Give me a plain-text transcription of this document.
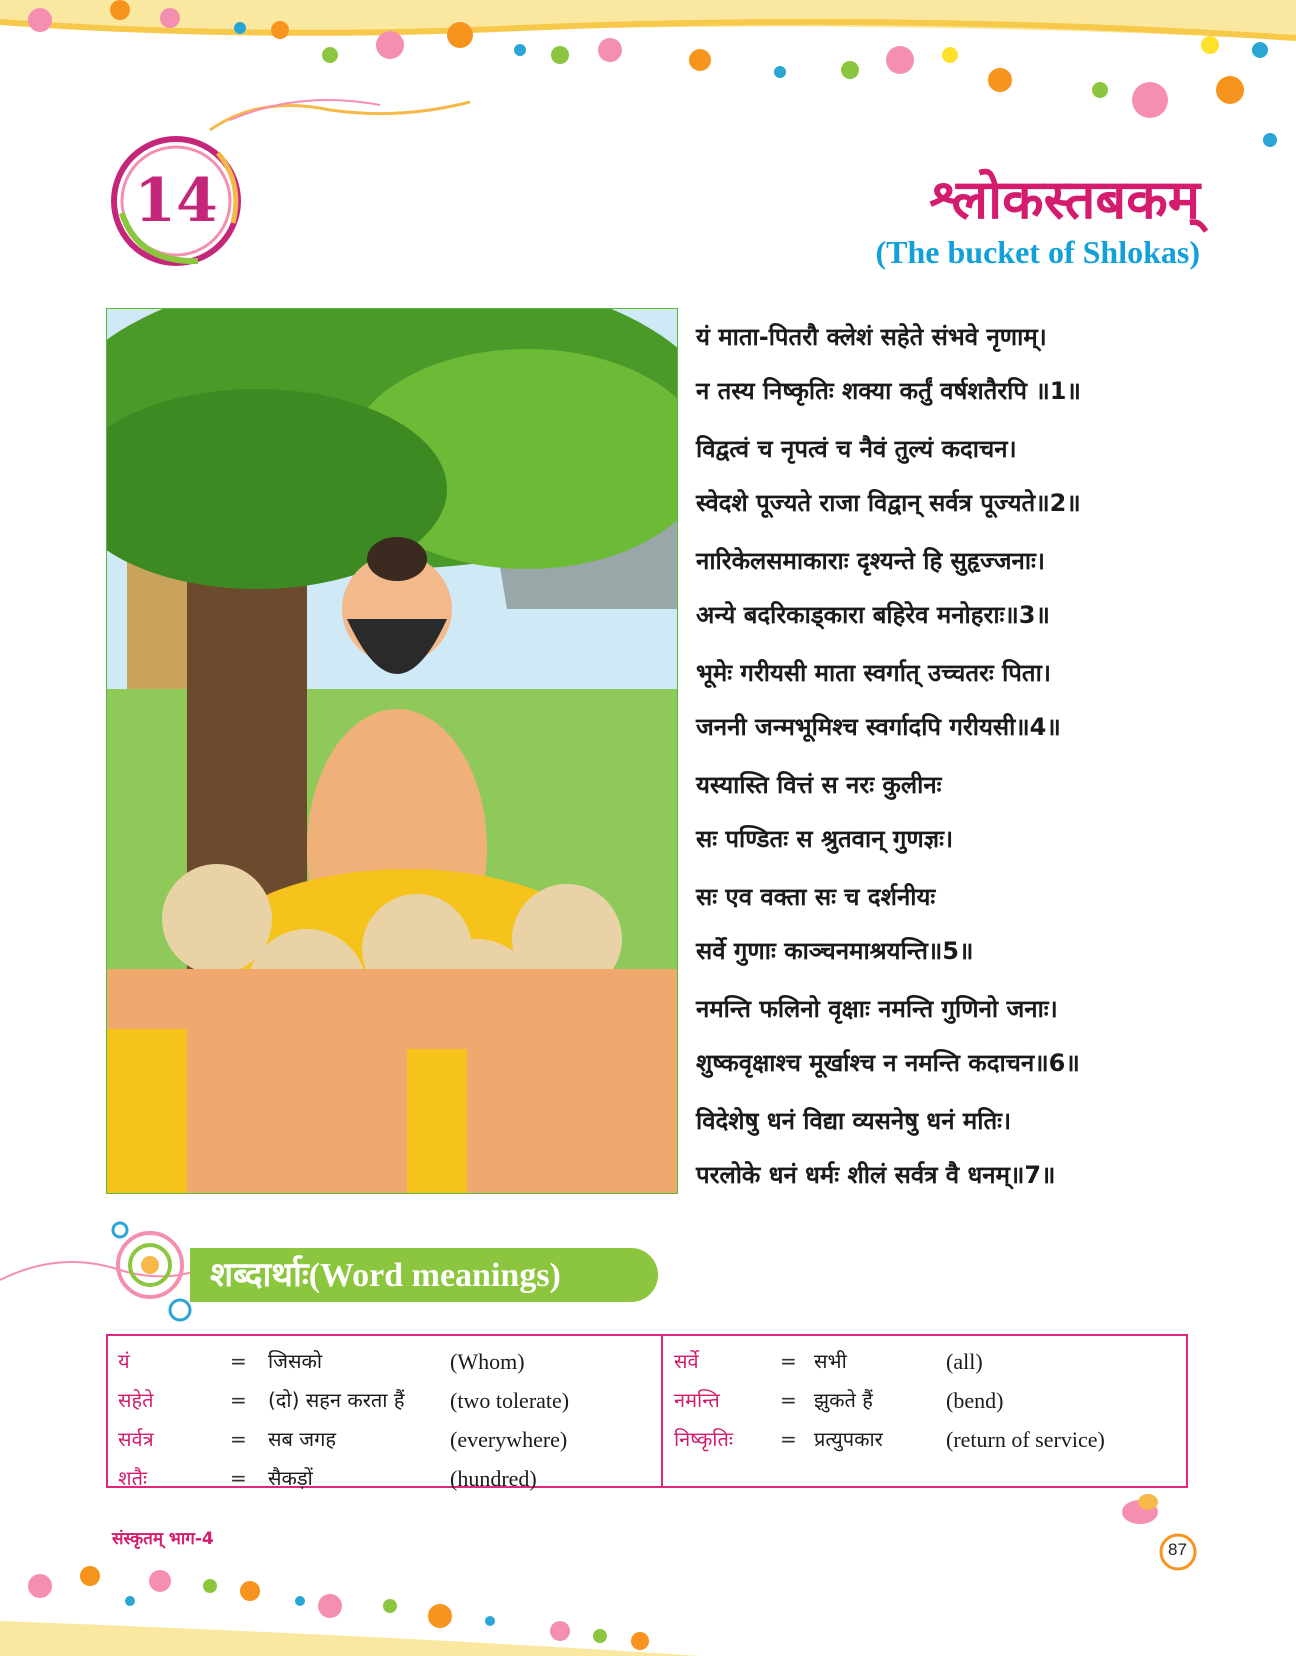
14	श्लोकस्तबकम्
(The bucket of Shlokas)
यं माता-पितरौ क्लेशं सहेते संभवे नृणाम्।
न तस्य निष्कृतिः शक्या कर्तुं वर्षशतैरपि ॥1॥
विद्वत्वं च नृपत्वं च नैवं तुल्यं कदाचन।
स्वेदशे पूज्यते राजा विद्वान् सर्वत्र पूज्यते॥2॥
नारिकेलसमाकाराः दृश्यन्ते हि सुहृज्जनाः।
अन्ये बदरिकाड्कारा बहिरेव मनोहराः॥3॥
भूमेः गरीयसी माता स्वर्गात् उच्चतरः पिता।
जननी जन्मभूमिश्च स्वर्गादपि गरीयसी॥4॥
यस्यास्ति वित्तं स नरः कुलीनः
सः पण्डितः स श्रुतवान् गुणज्ञः।
सः एव वक्ता सः च दर्शनीयः
सर्वे गुणाः काञ्चनमाश्रयन्ति॥5॥
नमन्ति फलिनो वृक्षाः नमन्ति गुणिनो जनाः।
शुष्कवृक्षाश्च मूर्खाश्च न नमन्ति कदाचन॥6॥
विदेशेषु धनं विद्या व्यसनेषु धनं मतिः।
परलोके धनं धर्मः शीलं सर्वत्र वै धनम्॥7॥
शब्दार्थाः(Word meanings)
यं	= जिसको	(Whom)
सहेते	= (दो) सहन करता हैं (two tolerate)
सर्वत्र	= सब जगह	(everywhere)
शतैः	= सैकड़ों	(hundred)
सर्वे	= सभी	(all)
नमन्ति	= झुकते हैं	(bend)
निष्कृतिः = प्रत्युपकार	(return of service)
संस्कृतम् भाग-4
87
